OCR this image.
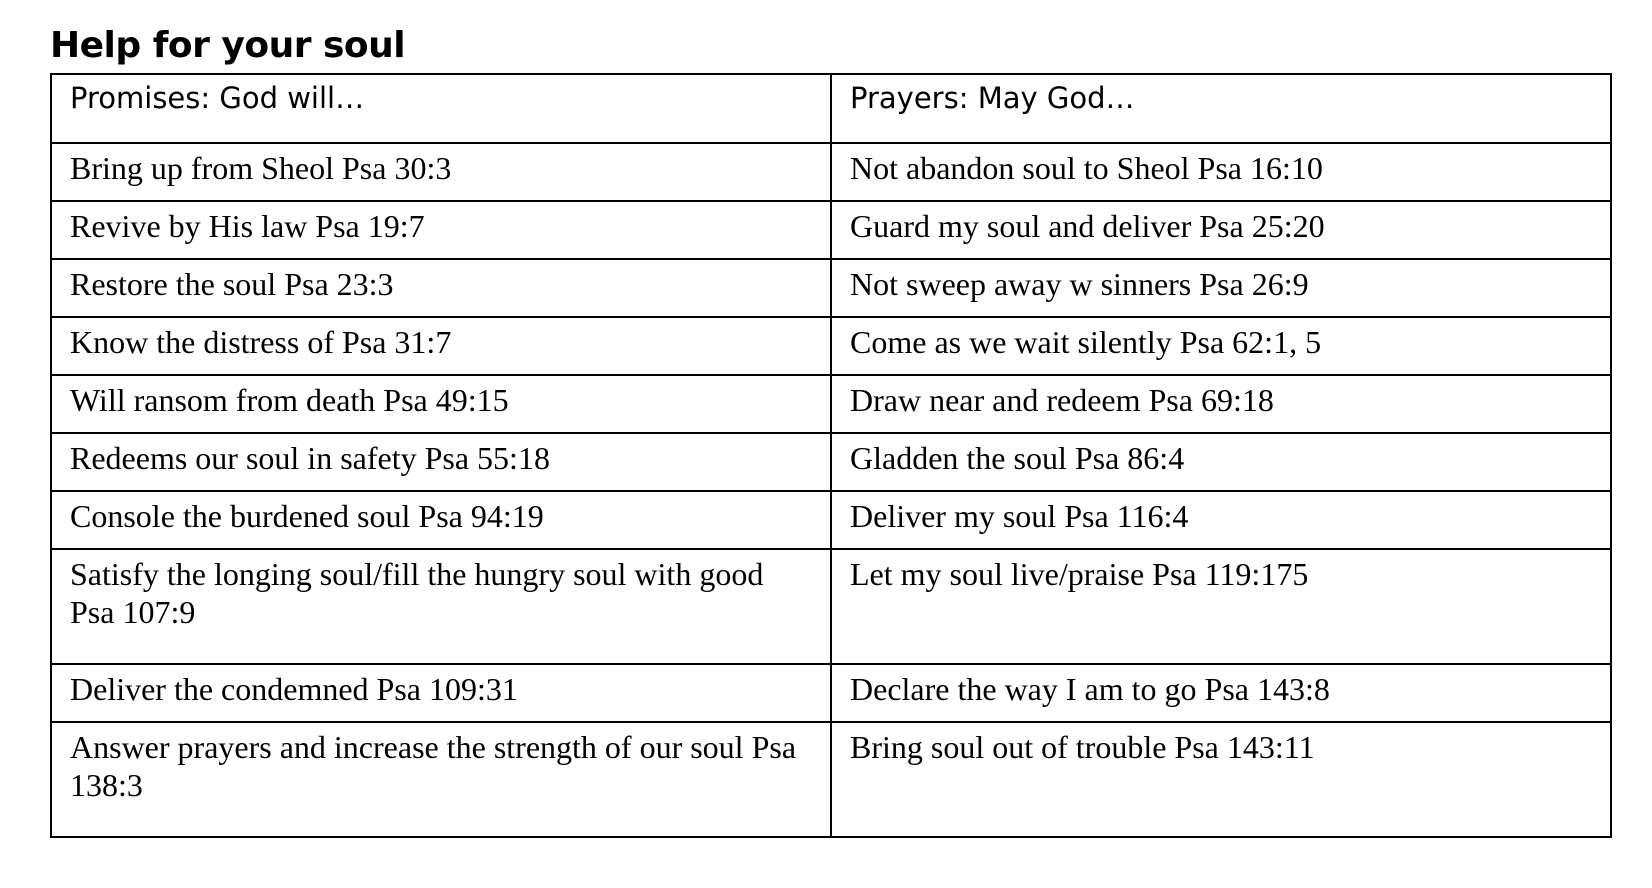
Help for your soul
Promises: God will…	Prayers: May God…
Bring up from Sheol Psa 30:3	Not abandon soul to Sheol Psa 16:10
Revive by His law Psa 19:7	Guard my soul and deliver Psa 25:20
Restore the soul Psa 23:3	Not sweep away w sinners Psa 26:9
Know the distress of Psa 31:7	Come as we wait silently Psa 62:1, 5
Will ransom from death Psa 49:15	Draw near and redeem Psa 69:18
Redeems our soul in safety Psa 55:18	Gladden the soul Psa 86:4
Console the burdened soul Psa 94:19	Deliver my soul Psa 116:4
Satisfy the longing soul/fill the hungry soul with good Psa 107:9	Let my soul live/praise Psa 119:175
Deliver the condemned Psa 109:31	Declare the way I am to go Psa 143:8
Answer prayers and increase the strength of our soul Psa 138:3	Bring soul out of trouble Psa 143:11
